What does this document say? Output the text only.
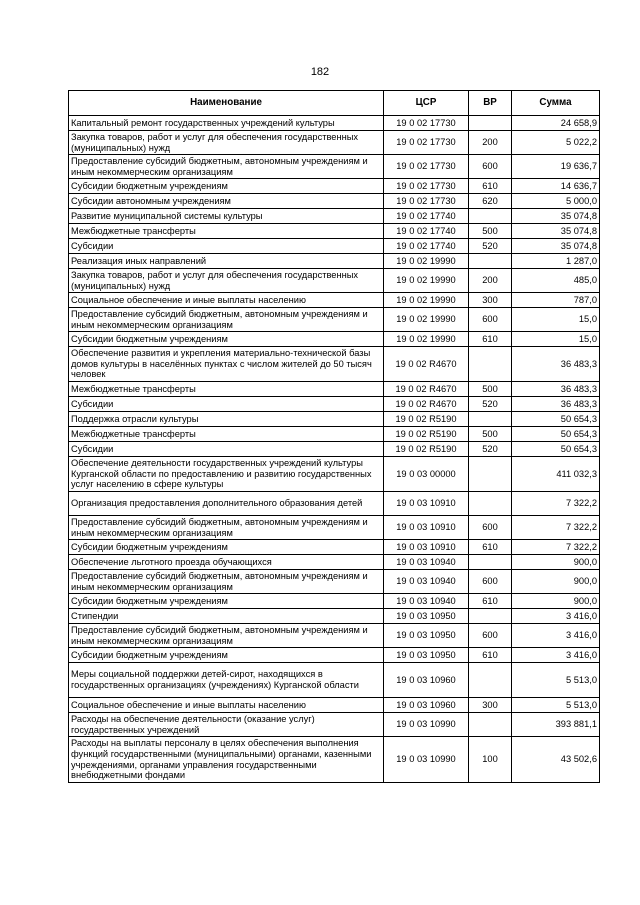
182
Наименование	ЦСР	ВР	Сумма
Капитальный ремонт государственных учреждений культуры	19 0 02 17730		24 658,9
Закупка товаров, работ и услуг для обеспечения государственных (муниципальных) нужд	19 0 02 17730	200	5 022,2
Предоставление субсидий бюджетным, автономным учреждениям и иным некоммерческим организациям	19 0 02 17730	600	19 636,7
Субсидии бюджетным учреждениям	19 0 02 17730	610	14 636,7
Субсидии автономным учреждениям	19 0 02 17730	620	5 000,0
Развитие муниципальной системы культуры	19 0 02 17740		35 074,8
Межбюджетные трансферты	19 0 02 17740	500	35 074,8
Субсидии	19 0 02 17740	520	35 074,8
Реализация иных направлений	19 0 02 19990		1 287,0
Закупка товаров, работ и услуг для обеспечения государственных (муниципальных) нужд	19 0 02 19990	200	485,0
Социальное обеспечение и иные выплаты населению	19 0 02 19990	300	787,0
Предоставление субсидий бюджетным, автономным учреждениям и иным некоммерческим организациям	19 0 02 19990	600	15,0
Субсидии бюджетным учреждениям	19 0 02 19990	610	15,0
Обеспечение развития и укрепления материально-технической базы домов культуры в населённых пунктах с числом жителей до 50 тысяч человек	19 0 02 R4670		36 483,3
Межбюджетные трансферты	19 0 02 R4670	500	36 483,3
Субсидии	19 0 02 R4670	520	36 483,3
Поддержка отрасли культуры	19 0 02 R5190		50 654,3
Межбюджетные трансферты	19 0 02 R5190	500	50 654,3
Субсидии	19 0 02 R5190	520	50 654,3
Обеспечение деятельности государственных учреждений культуры Курганской области по предоставлению и развитию государственных услуг населению в сфере культуры	19 0 03 00000		411 032,3
Организация предоставления дополнительного образования детей	19 0 03 10910		7 322,2
Предоставление субсидий бюджетным, автономным учреждениям и иным некоммерческим организациям	19 0 03 10910	600	7 322,2
Субсидии бюджетным учреждениям	19 0 03 10910	610	7 322,2
Обеспечение льготного проезда обучающихся	19 0 03 10940		900,0
Предоставление субсидий бюджетным, автономным учреждениям и иным некоммерческим организациям	19 0 03 10940	600	900,0
Субсидии бюджетным учреждениям	19 0 03 10940	610	900,0
Стипендии	19 0 03 10950		3 416,0
Предоставление субсидий бюджетным, автономным учреждениям и иным некоммерческим организациям	19 0 03 10950	600	3 416,0
Субсидии бюджетным учреждениям	19 0 03 10950	610	3 416,0
Меры социальной поддержки детей-сирот, находящихся в государственных организациях (учреждениях) Курганской области	19 0 03 10960		5 513,0
Социальное обеспечение и иные выплаты населению	19 0 03 10960	300	5 513,0
Расходы на обеспечение деятельности (оказание услуг) государственных учреждений	19 0 03 10990		393 881,1
Расходы на выплаты персоналу в целях обеспечения выполнения функций государственными (муниципальными) органами, казенными учреждениями, органами управления государственными внебюджетными фондами	19 0 03 10990	100	43 502,6
